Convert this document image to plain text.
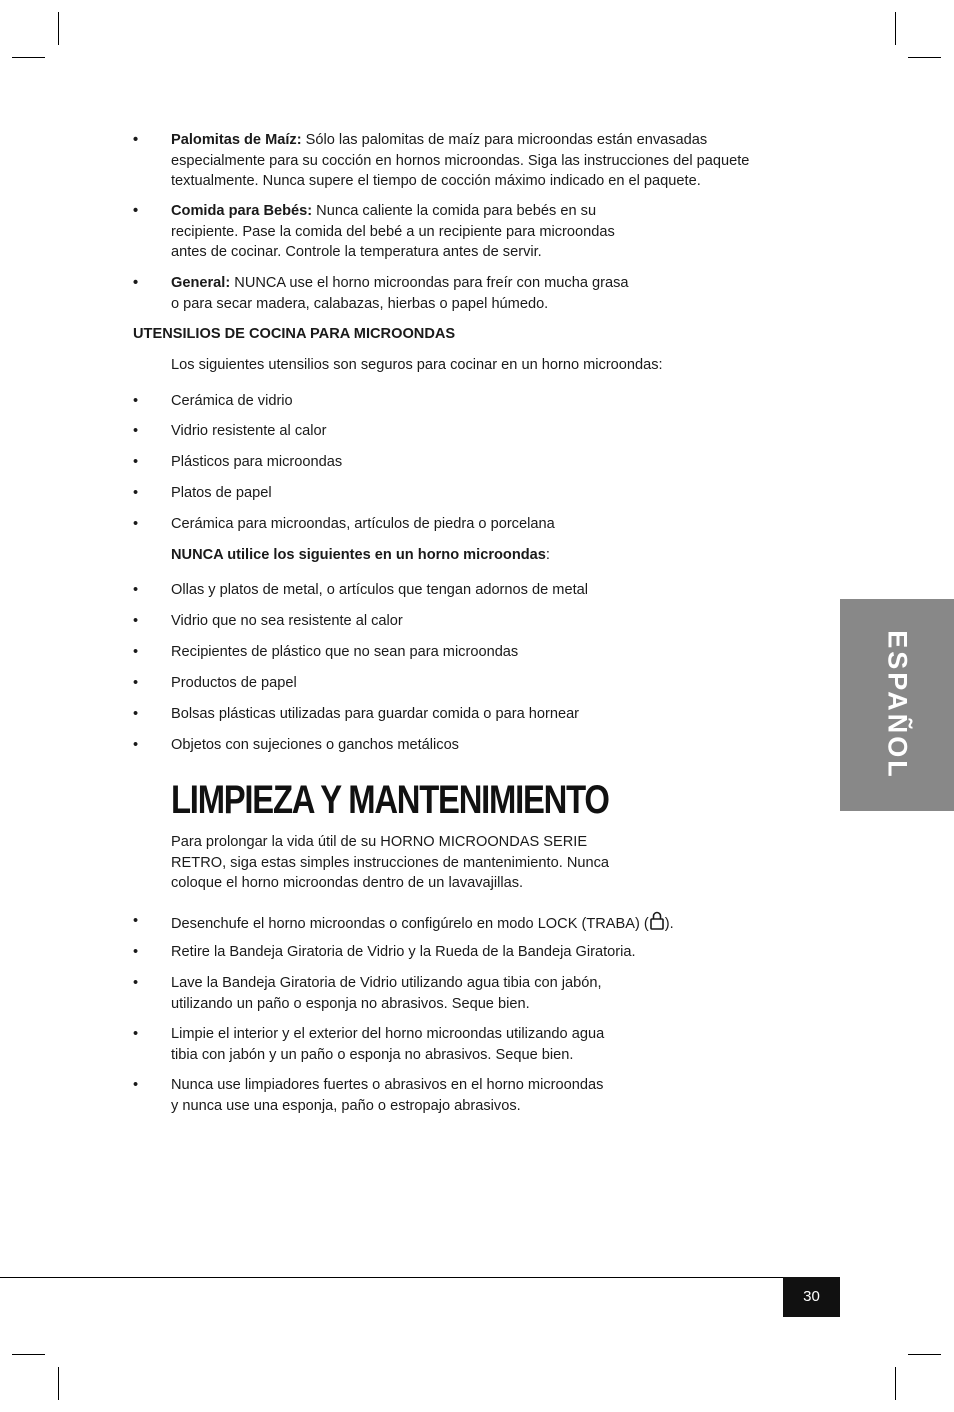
• Palomitas de Maíz: Sólo las palomitas de maíz para microondas están envasadas
especialmente para su cocción en hornos microondas. Siga las instrucciones del paquete
textualmente. Nunca supere el tiempo de cocción máximo indicado en el paquete.
• Comida para Bebés: Nunca caliente la comida para bebés en su
recipiente. Pase la comida del bebé a un recipiente para microondas
antes de cocinar. Controle la temperatura antes de servir.
• General: NUNCA use el horno microondas para freír con mucha grasa
o para secar madera, calabazas, hierbas o papel húmedo.
UTENSILIOS DE COCINA PARA MICROONDAS
Los siguientes utensilios son seguros para cocinar en un horno microondas:
• Cerámica de vidrio
• Vidrio resistente al calor
• Plásticos para microondas
• Platos de papel
• Cerámica para microondas, artículos de piedra o porcelana
NUNCA utilice los siguientes en un horno microondas:
• Ollas y platos de metal, o artículos que tengan adornos de metal
• Vidrio que no sea resistente al calor
• Recipientes de plástico que no sean para microondas
• Productos de papel
• Bolsas plásticas utilizadas para guardar comida o para hornear
• Objetos con sujeciones o ganchos metálicos
LIMPIEZA Y MANTENIMIENTO
Para prolongar la vida útil de su HORNO MICROONDAS SERIE
RETRO, siga estas simples instrucciones de mantenimiento. Nunca
coloque el horno microondas dentro de un lavavajillas.
• Desenchufe el horno microondas o configúrelo en modo LOCK (TRABA) ( ).
• Retire la Bandeja Giratoria de Vidrio y la Rueda de la Bandeja Giratoria.
• Lave la Bandeja Giratoria de Vidrio utilizando agua tibia con jabón,
utilizando un paño o esponja no abrasivos. Seque bien.
• Limpie el interior y el exterior del horno microondas utilizando agua
tibia con jabón y un paño o esponja no abrasivos. Seque bien.
• Nunca use limpiadores fuertes o abrasivos en el horno microondas
y nunca use una esponja, paño o estropajo abrasivos.
ESPAÑOL
30
